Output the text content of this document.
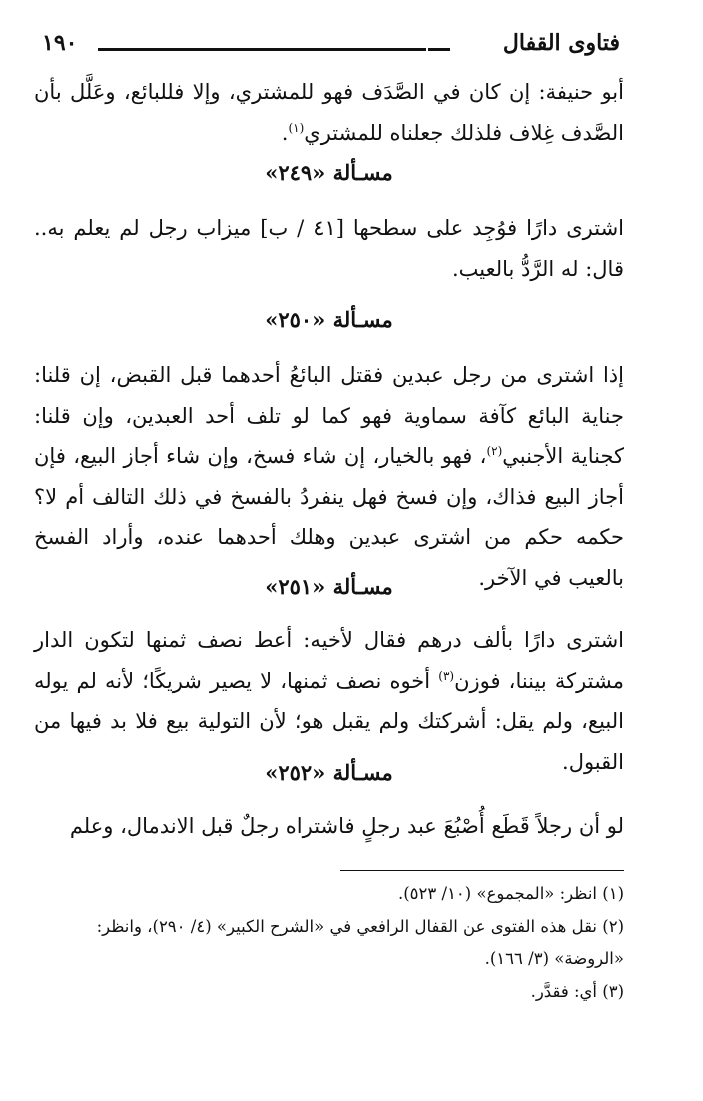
١٩٠	فتاوى القفال
أبو حنيفة: إن كان في الصَّدَف فهو للمشتري، وإلا فللبائع، وعَلَّل بأن الصَّدف غِلاف فلذلك جعلناه للمشتري$^{(١)}$.
مسـألة «٢٤٩»
اشترى دارًا فوُجِد على سطحها [٤١ / ب] ميزاب رجل لم يعلم به.. قال: له الرَّدُّ بالعيب.
مسـألة «٢٥٠»
إذا اشترى من رجل عبدين فقتل البائعُ أحدهما قبل القبض، إن قلنا: جناية البائع كآفة سماوية فهو كما لو تلف أحد العبدين، وإن قلنا: كجناية الأجنبي$^{(٢)}$، فهو بالخيار، إن شاء فسخ، وإن شاء أجاز البيع، فإن أجاز البيع فذاك، وإن فسخ فهل ينفردُ بالفسخ في ذلك التالف أم لا؟ حكمه حكم من اشترى عبدين وهلك أحدهما عنده، وأراد الفسخ بالعيب في الآخر.
مسـألة «٢٥١»
اشترى دارًا بألف درهم فقال لأخيه: أعط نصف ثمنها لتكون الدار مشتركة بيننا، فوزن$^{(٣)}$ أخوه نصف ثمنها، لا يصير شريكًا؛ لأنه لم يوله البيع، ولم يقل: أشركتك ولم يقبل هو؛ لأن التولية بيع فلا بد فيها من القبول.
مسـألة «٢٥٢»
لو أن رجلاً قَطَع أُصْبُعَ عبد رجلٍ فاشتراه رجلٌ قبل الاندمال، وعلم

(١) انظر: «المجموع» (١٠/ ٥٢٣).

(٢) نقل هذه الفتوى عن القفال الرافعي في «الشرح الكبير» (٤/ ٢٩٠)، وانظر: «الروضة» (٣/ ١٦٦).

(٣) أي: فقدَّر.
